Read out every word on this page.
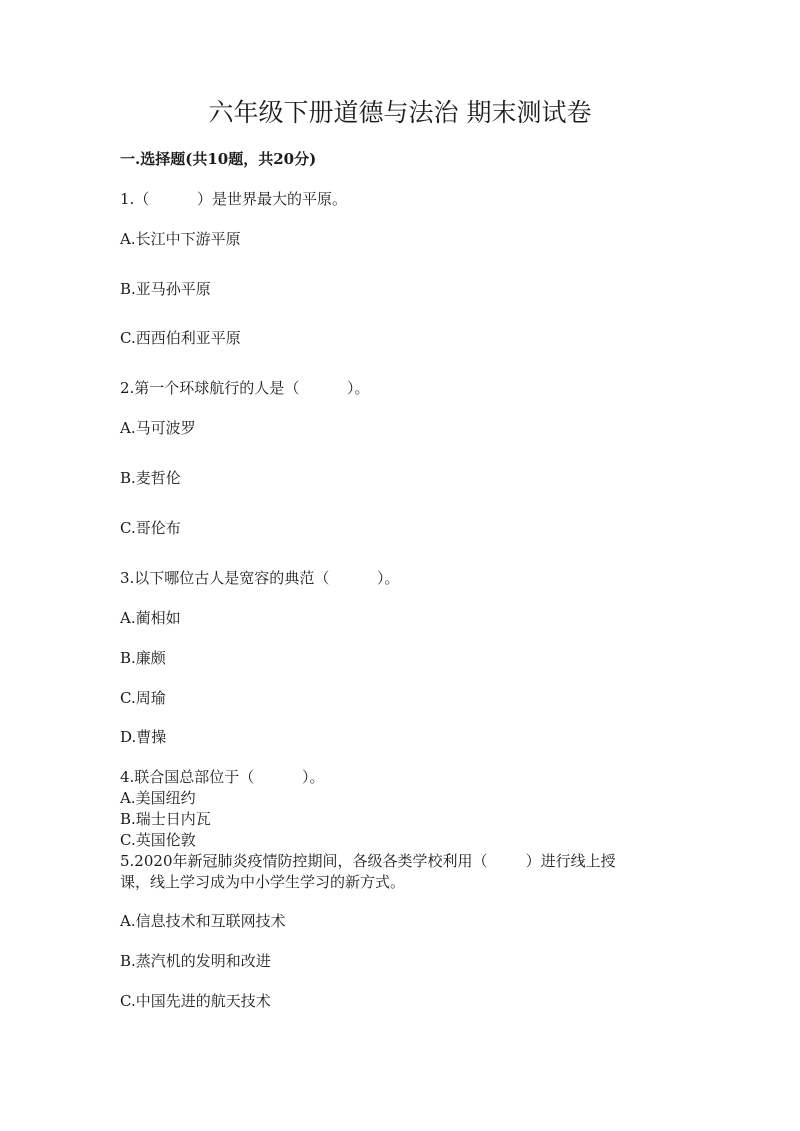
六年级下册道德与法治 期末测试卷
一.选择题(共10题，共20分)
1.（          ）是世界最大的平原。
A.长江中下游平原
B.亚马孙平原
C.西西伯利亚平原
2.第一个环球航行的人是（          ）。
A.马可波罗
B.麦哲伦
C.哥伦布
3.以下哪位古人是宽容的典范（          ）。
A.蔺相如
B.廉颇
C.周瑜
D.曹操
4.联合国总部位于（          ）。
A.美国纽约
B.瑞士日内瓦
C.英国伦敦
5.2020年新冠肺炎疫情防控期间，各级各类学校利用（        ）进行线上授
课，线上学习成为中小学生学习的新方式。
A.信息技术和互联网技术
B.蒸汽机的发明和改进
C.中国先进的航天技术
